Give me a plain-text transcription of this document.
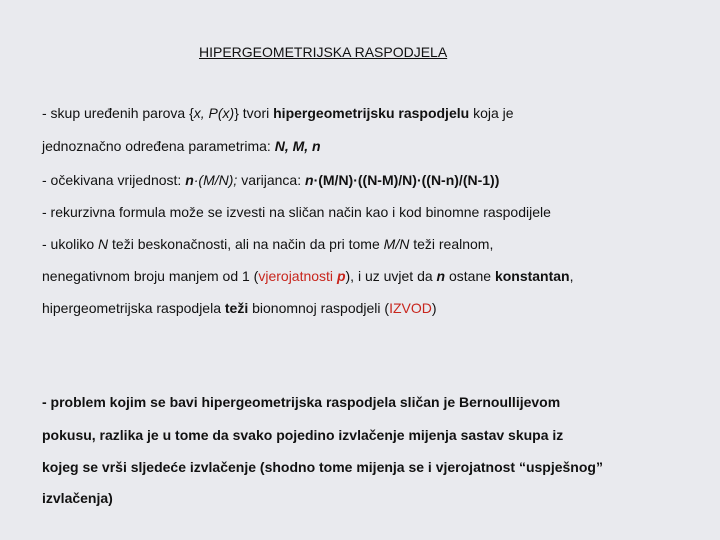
HIPERGEOMETRIJSKA RASPODJELA
- skup uređenih parova {x, P(x)} tvori hipergeometrijsku raspodjelu koja je
jednoznačno određena parametrima: N, M, n
- očekivana vrijednost: n·(M/N); varijanca: n·(M/N)·((N-M)/N)·((N-n)/(N-1))
- rekurzivna formula može se izvesti na sličan način kao i kod binomne raspodijele
- ukoliko N teži beskonačnosti, ali na način da pri tome M/N teži realnom,
nenegativnom broju manjem od 1 (vjerojatnosti p), i uz uvjet da n ostane konstantan,
hipergeometrijska raspodjela teži bionomnoj raspodjeli (IZVOD)
- problem kojim se bavi hipergeometrijska raspodjela sličan je Bernoullijevom
pokusu, razlika je u tome da svako pojedino izvlačenje mijenja sastav skupa iz
kojeg se vrši sljedeće izvlačenje (shodno tome mijenja se i vjerojatnost “uspješnog”
izvlačenja)
